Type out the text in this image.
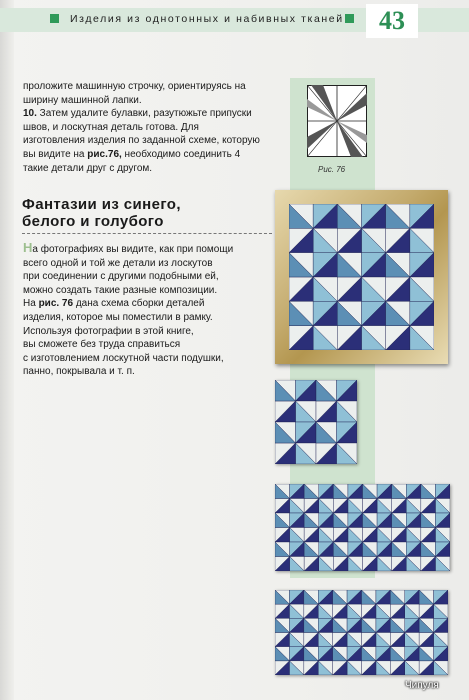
Изделия из однотонных и набивных тканей	43

проложите машинную строчку, ориентируясь на

ширину машинной лапки.

10. Затем удалите булавки, разутюжьте припуски

швов, и лоскутная деталь готова. Для

изготовления изделия по заданной схеме, которую

вы видите на рис.76, необходимо соединить 4

такие детали друг с другом.

Фантазии из синего,
белого и голубого

На фотографиях вы видите, как при помощи

всего одной и той же детали из лоскутов

при соединении с другими подобными ей,

можно создать такие разные композиции.

На рис. 76 дана схема сборки деталей

изделия, которое мы поместили в рамку.

Используя фотографии в этой книге,

вы сможете без труда справиться

с изготовлением лоскутной части подушки,

панно, покрывала и т. п.

Рис. 76
Чипуля
